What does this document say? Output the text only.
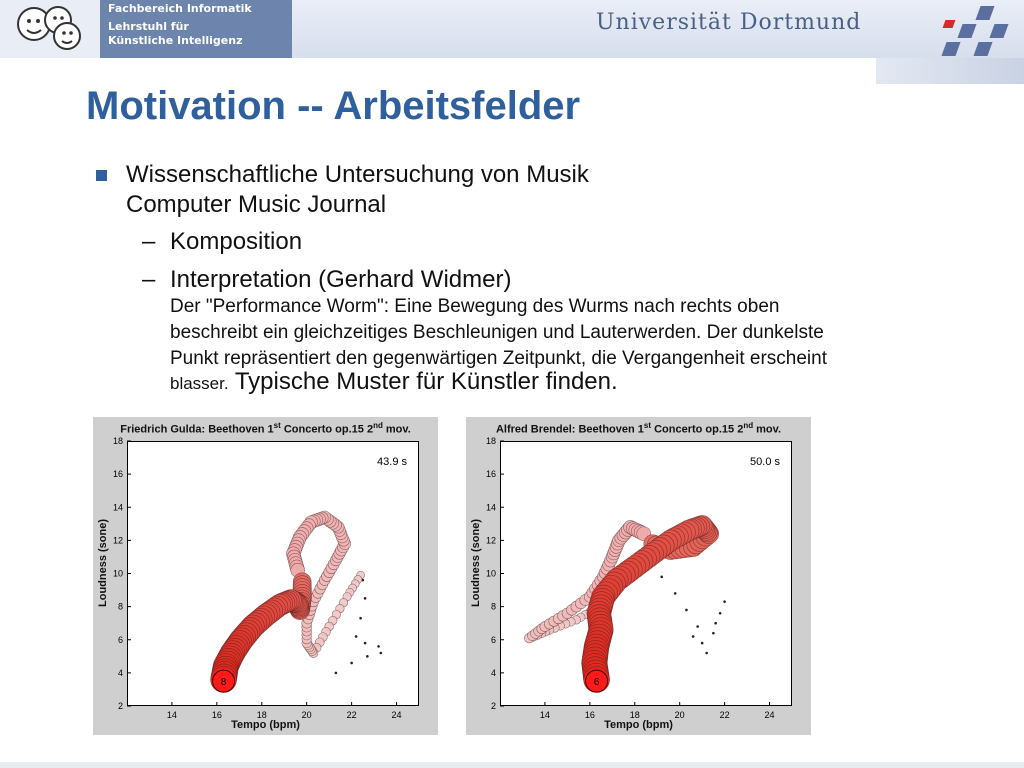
Fachbereich Informatik
Lehrstuhl für
Künstliche Intelligenz
Universität Dortmund
Motivation -- Arbeitsfelder
Wissenschaftliche Untersuchung von Musik
Computer Music Journal
– Komposition
– Interpretation (Gerhard Widmer)
Der "Performance Worm": Eine Bewegung des Wurms nach rechts oben
beschreibt ein gleichzeitiges Beschleunigen und Lauterwerden. Der dunkelste
Punkt repräsentiert den gegenwärtigen Zeitpunkt, die Vergangenheit erscheint
blasser. Typische Muster für Künstler finden.
Friedrich Gulda: Beethoven 1st Concerto op.15 2nd mov.
14	16	18	20	22	24
2
4
6
8
10
12
14
16
18
43.9 s
8
Loudness (sone)
Tempo (bpm)
Alfred Brendel: Beethoven 1st Concerto op.15 2nd mov.
14	16	18	20	22	24
2
4
6
8
10
12
14
16
18
50.0 s
6
Loudness (sone)
Tempo (bpm)
